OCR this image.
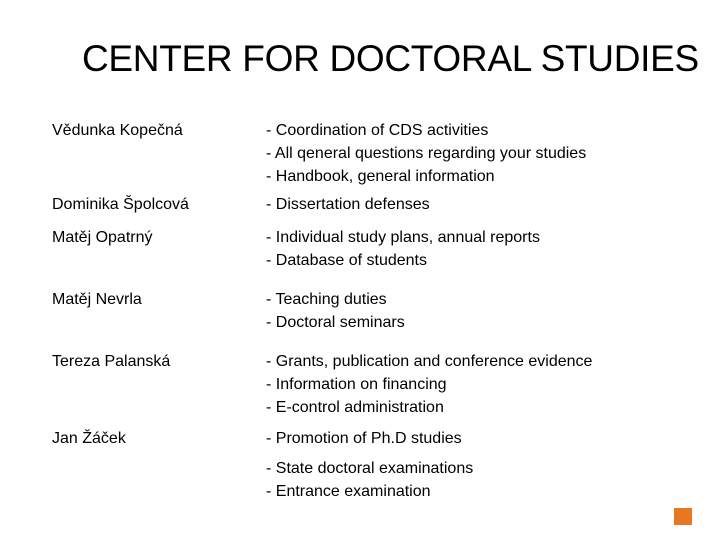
CENTER FOR DOCTORAL STUDIES
Vědunka Kopečná
Dominika Špolcová
Matěj Opatrný
Matěj Nevrla
Tereza Palanská
Jan Žáček
- Coordination of CDS activities
- All qeneral questions regarding your studies
- Handbook, general information
- Dissertation defenses
- Individual study plans, annual reports
- Database of students
- Teaching duties
- Doctoral seminars
- Grants, publication and conference evidence
- Information on financing
- E-control administration
- Promotion of Ph.D studies
- State doctoral examinations
- Entrance examination
